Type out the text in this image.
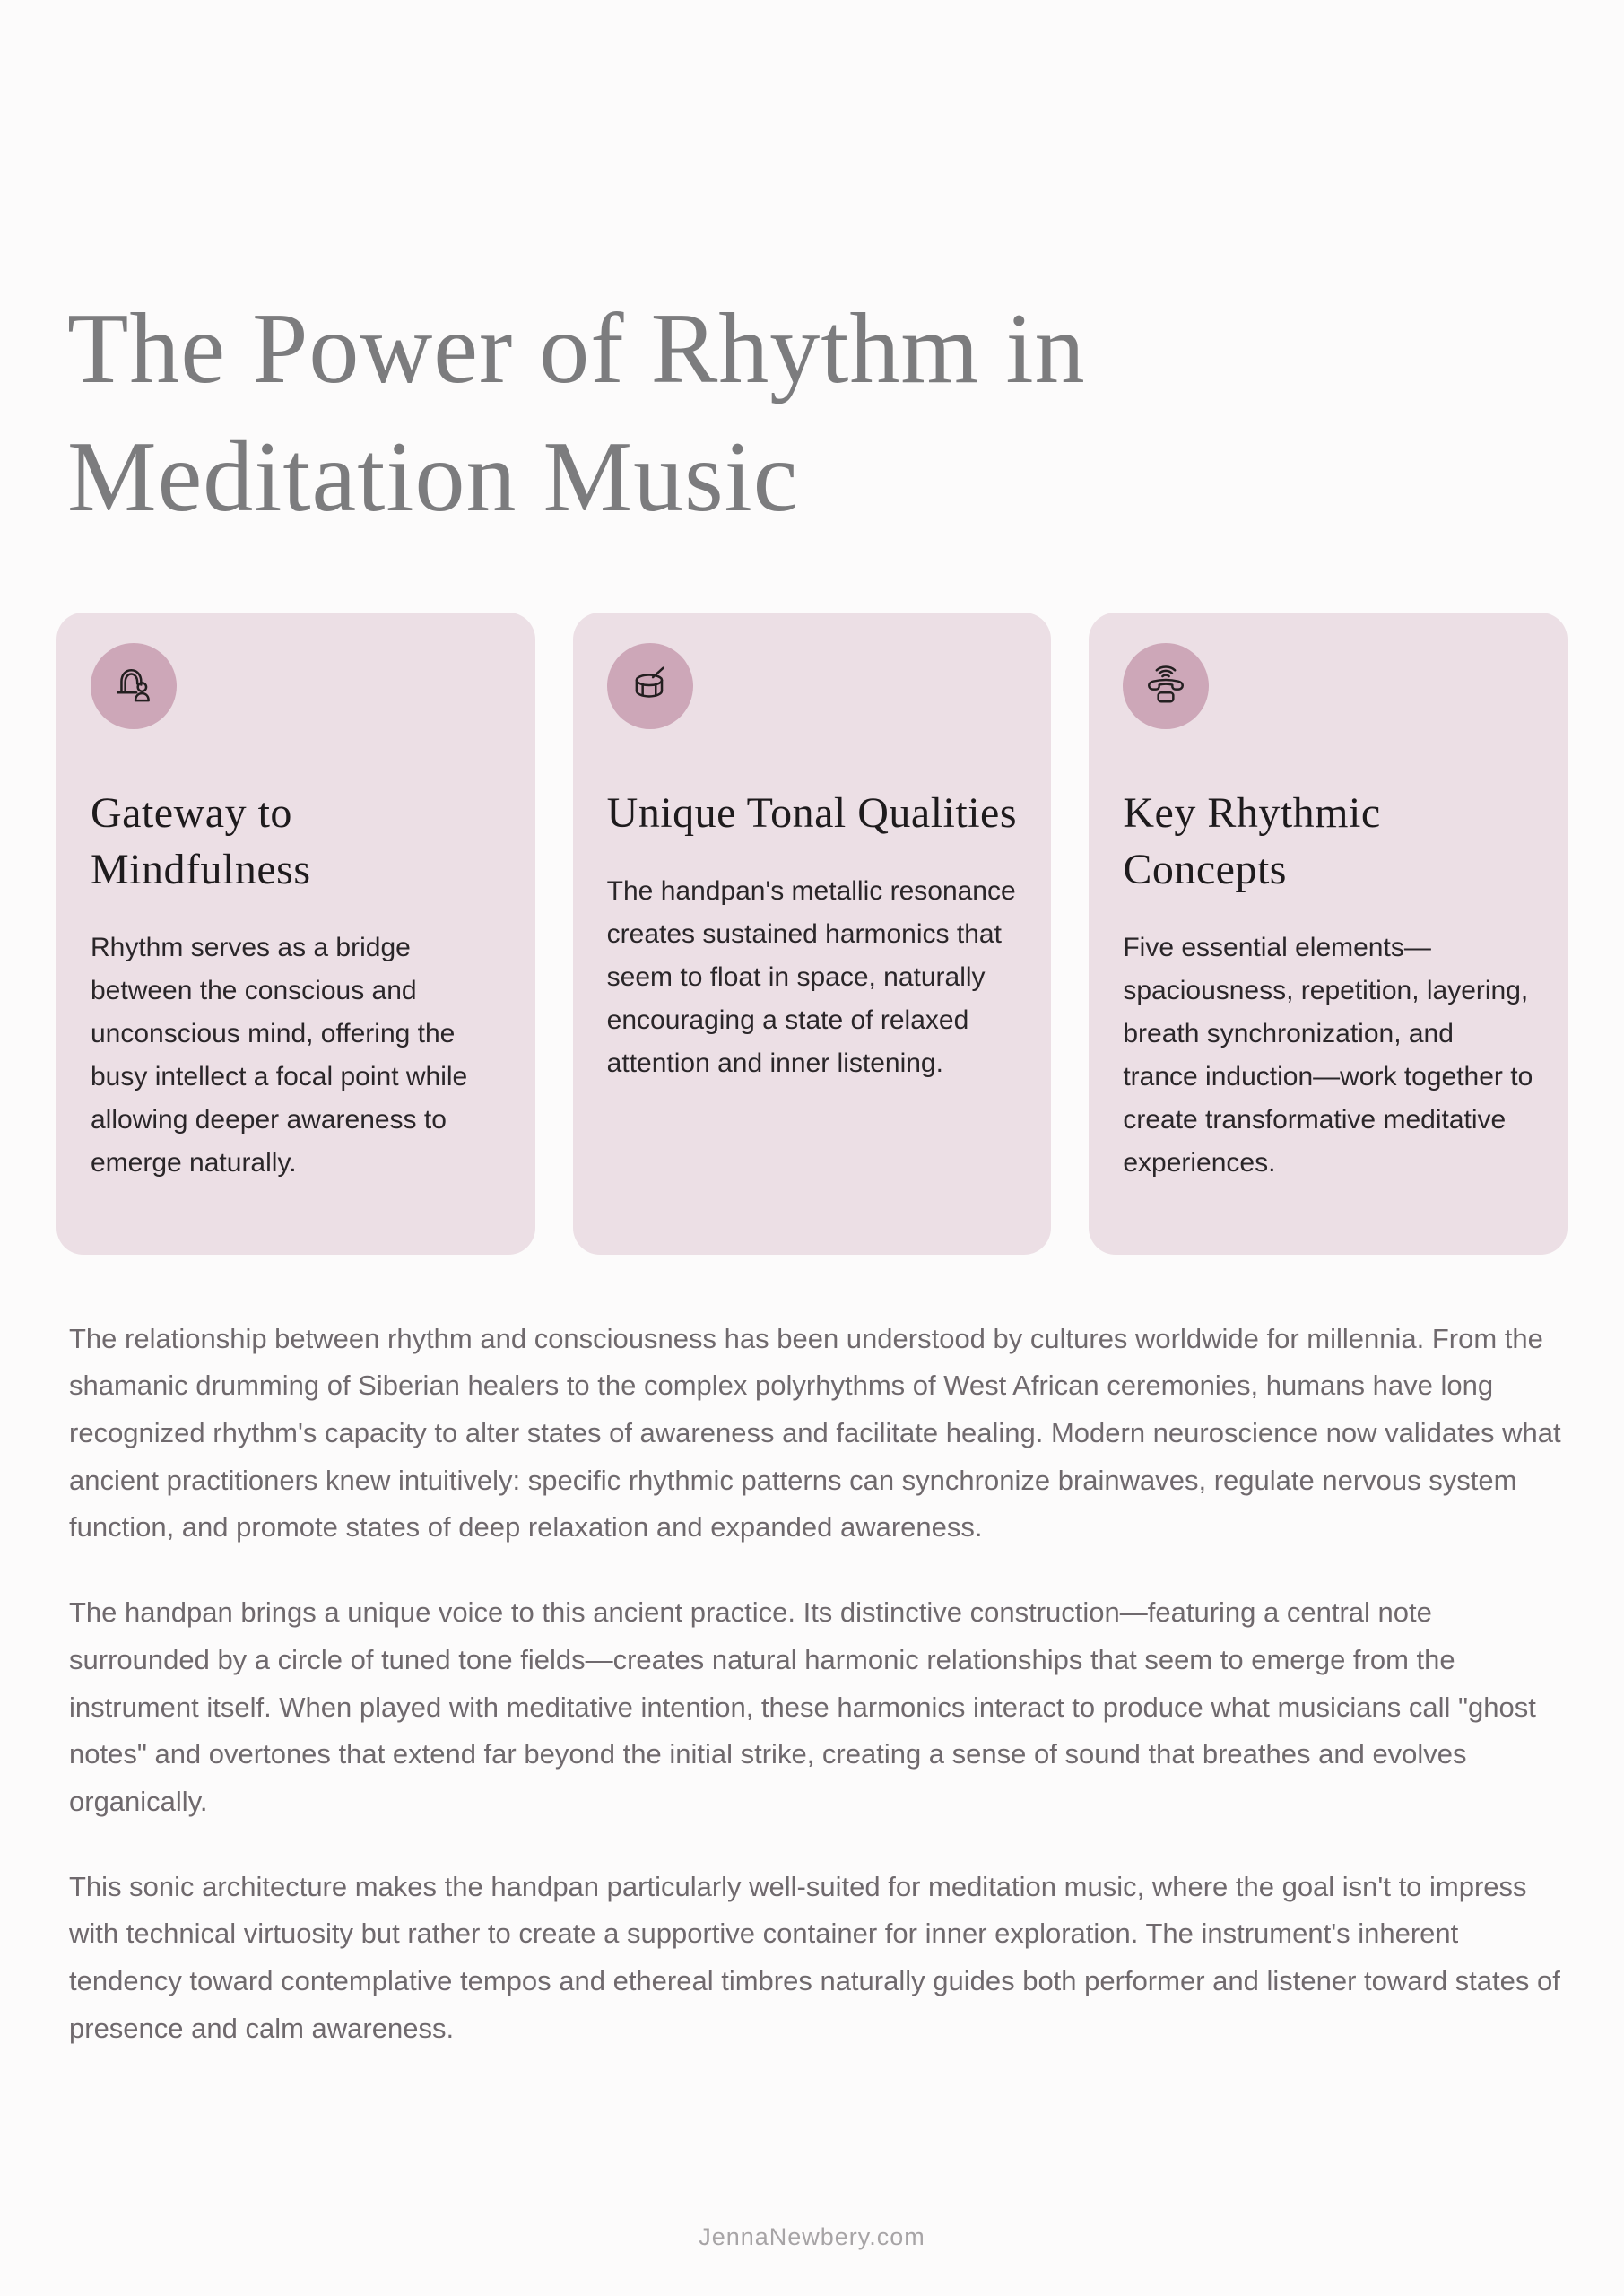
The Power of Rhythm in Meditation Music
Gateway to Mindfulness

Rhythm serves as a bridge between the conscious and unconscious mind, offering the busy intellect a focal point while allowing deeper awareness to emerge naturally.

Unique Tonal Qualities

The handpan's metallic resonance creates sustained harmonics that seem to float in space, naturally encouraging a state of relaxed attention and inner listening.

Key Rhythmic Concepts

Five essential elements—spaciousness, repetition, layering, breath synchronization, and trance induction—work together to create transformative meditative experiences.

The relationship between rhythm and consciousness has been understood by cultures worldwide for millennia. From the shamanic drumming of Siberian healers to the complex polyrhythms of West African ceremonies, humans have long recognized rhythm's capacity to alter states of awareness and facilitate healing. Modern neuroscience now validates what ancient practitioners knew intuitively: specific rhythmic patterns can synchronize brainwaves, regulate nervous system function, and promote states of deep relaxation and expanded awareness.

The handpan brings a unique voice to this ancient practice. Its distinctive construction—featuring a central note surrounded by a circle of tuned tone fields—creates natural harmonic relationships that seem to emerge from the instrument itself. When played with meditative intention, these harmonics interact to produce what musicians call "ghost notes" and overtones that extend far beyond the initial strike, creating a sense of sound that breathes and evolves organically.

This sonic architecture makes the handpan particularly well-suited for meditation music, where the goal isn't to impress with technical virtuosity but rather to create a supportive container for inner exploration. The instrument's inherent tendency toward contemplative tempos and ethereal timbres naturally guides both performer and listener toward states of presence and calm awareness.

JennaNewbery.com
